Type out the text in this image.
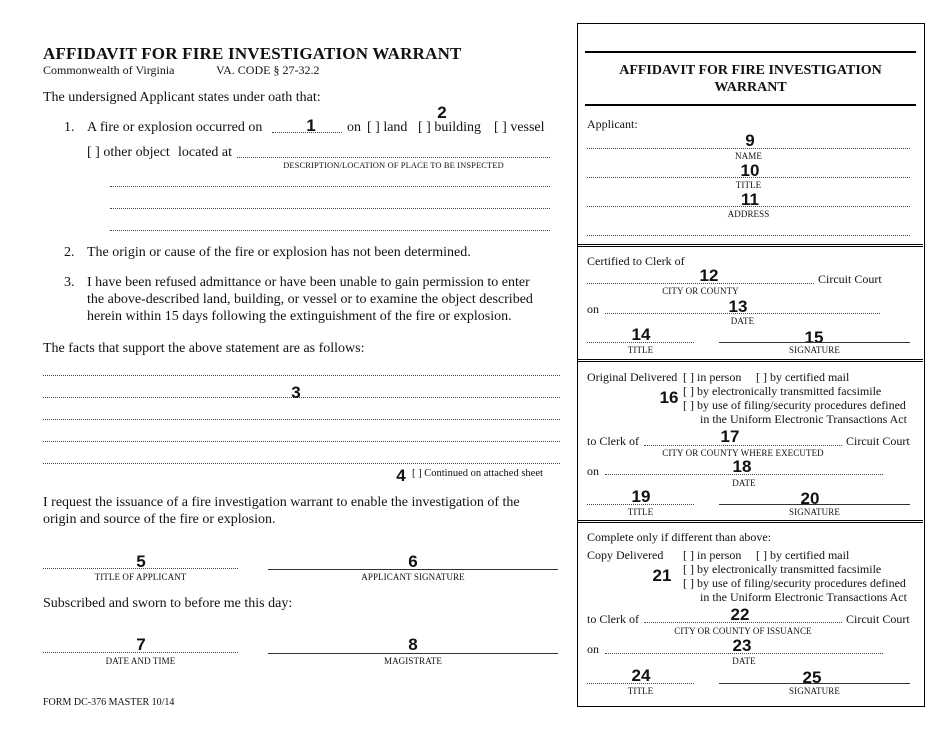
AFFIDAVIT FOR FIRE INVESTIGATION WARRANT
Commonwealth of Virginia	VA. CODE § 27-32.2
The undersigned Applicant states under oath that:
1. A fire or explosion occurred on	1	on [ ] land [ ] building
2
[ ] vessel
[ ] other object located at
DESCRIPTION/LOCATION OF PLACE TO BE INSPECTED
2. The origin or cause of the fire or explosion has not been determined.
3. I have been refused admittance or have been unable to gain permission to enter
the above-described land, building, or vessel or to examine the object described
herein within 15 days following the extinguishment of the fire or explosion.
The facts that support the above statement are as follows:
3
4 [ ] Continued on attached sheet
I request the issuance of a fire investigation warrant to enable the investigation of the
origin and source of the fire or explosion.
5
TITLE OF APPLICANT
6
APPLICANT SIGNATURE
Subscribed and sworn to before me this day:
7
DATE AND TIME
8
MAGISTRATE
FORM DC-376 MASTER 10/14
AFFIDAVIT FOR FIRE INVESTIGATION
WARRANT
Applicant:
9
NAME
10
TITLE
11
ADDRESS
Certified to Clerk of
12	Circuit Court
CITY OR COUNTY
on	13
DATE
14
TITLE
15
SIGNATURE
Original Delivered [ ] in person [ ] by certified mail
[ ] by electronically transmitted facsimile
16 [ ] by use of filing/security procedures defined
in the Uniform Electronic Transactions Act
to Clerk of	17	Circuit Court
CITY OR COUNTY WHERE EXECUTED
on	18
DATE
19
TITLE
20
SIGNATURE
Complete only if different than above:
Copy Delivered [ ] in person [ ] by certified mail
[ ] by electronically transmitted facsimile
21 [ ] by use of filing/security procedures defined
in the Uniform Electronic Transactions Act
to Clerk of	22	Circuit Court
CITY OR COUNTY OF ISSUANCE
on	23
DATE
24
TITLE
25
SIGNATURE
